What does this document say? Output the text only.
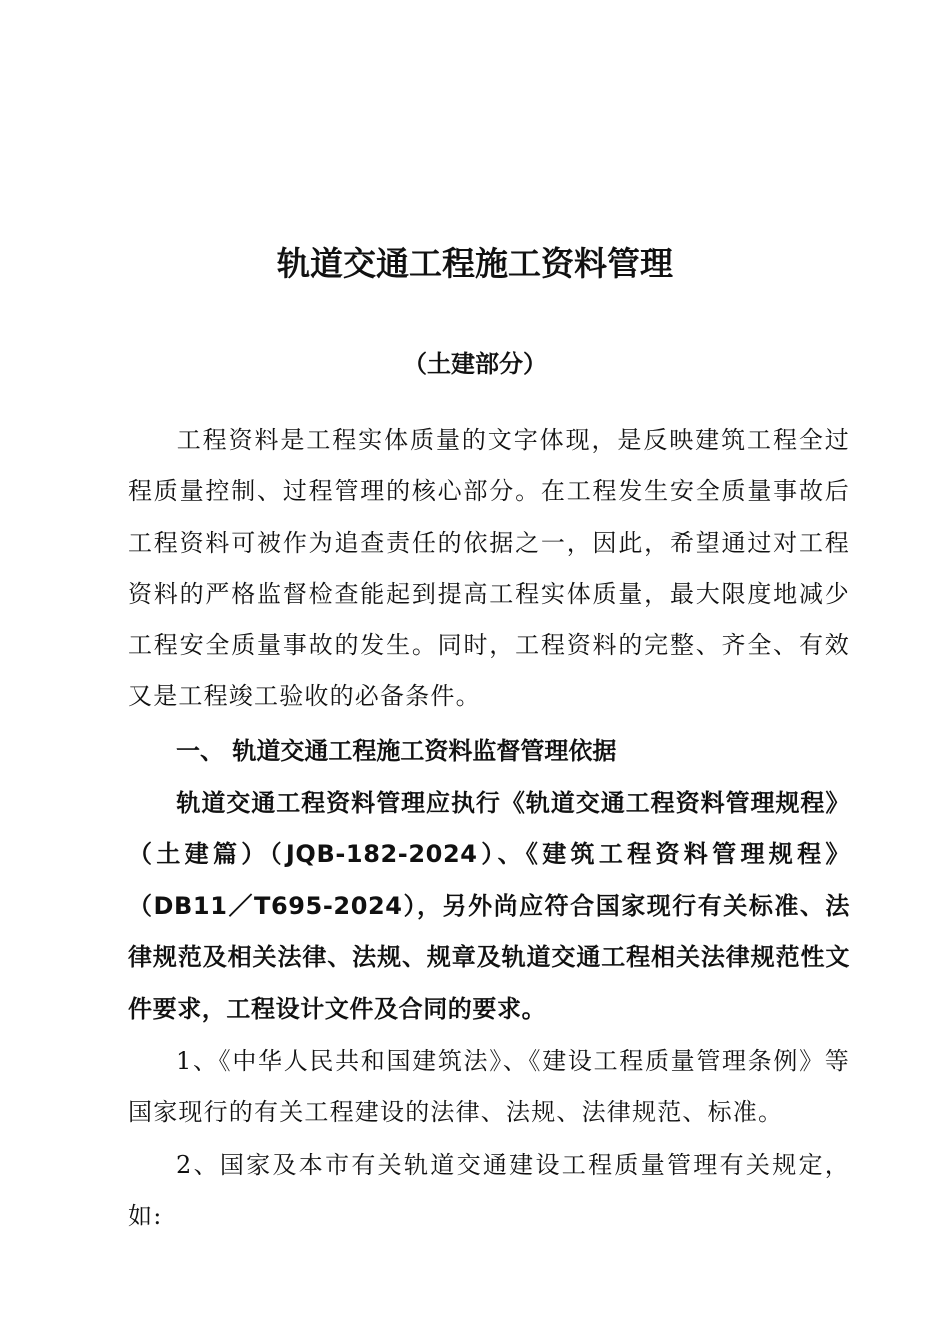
轨道交通工程施工资料管理
（土建部分）
工程资料是工程实体质量的文字体现，是反映建筑工程全过程质量控制、过程管理的核心部分。在工程发生安全质量事故后工程资料可被作为追查责任的依据之一，因此，希望通过对工程资料的严格监督检查能起到提高工程实体质量，最大限度地减少工程安全质量事故的发生。同时，工程资料的完整、齐全、有效又是工程竣工验收的必备条件。
一、 轨道交通工程施工资料监督管理依据
轨道交通工程资料管理应执行《轨道交通工程资料管理规程》（土建篇）（JQB-182-2024）、《建筑工程资料管理规程》（DB11／T695-2024），另外尚应符合国家现行有关标准、法律规范及相关法律、法规、规章及轨道交通工程相关法律规范性文件要求，工程设计文件及合同的要求。
1、《中华人民共和国建筑法》、《建设工程质量管理条例》等国家现行的有关工程建设的法律、法规、法律规范、标准。
2、国家及本市有关轨道交通建设工程质量管理有关规定，如:
